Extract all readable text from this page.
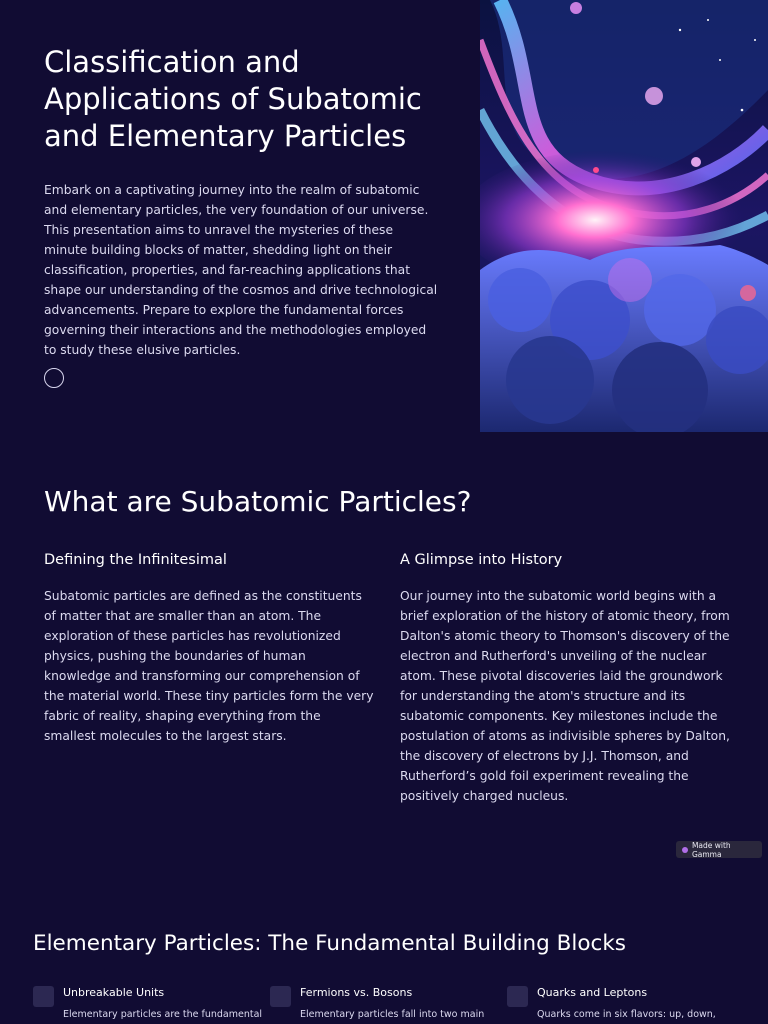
Classification and Applications of Subatomic and Elementary Particles
Embark on a captivating journey into the realm of subatomic and elementary particles, the very foundation of our universe. This presentation aims to unravel the mysteries of these minute building blocks of matter, shedding light on their classification, properties, and far-reaching applications that shape our understanding of the cosmos and drive technological advancements. Prepare to explore the fundamental forces governing their interactions and the methodologies employed to study these elusive particles.
What are Subatomic Particles?
Defining the Infinitesimal

Subatomic particles are defined as the constituents of matter that are smaller than an atom. The exploration of these particles has revolutionized physics, pushing the boundaries of human knowledge and transforming our comprehension of the material world. These tiny particles form the very fabric of reality, shaping everything from the smallest molecules to the largest stars.

A Glimpse into History

Our journey into the subatomic world begins with a brief exploration of the history of atomic theory, from Dalton's atomic theory to Thomson's discovery of the electron and Rutherford's unveiling of the nuclear atom. These pivotal discoveries laid the groundwork for understanding the atom's structure and its subatomic components. Key milestones include the postulation of atoms as indivisible spheres by Dalton, the discovery of electrons by J.J. Thomson, and Rutherford’s gold foil experiment revealing the positively charged nucleus.

Made with Gamma
Elementary Particles: The Fundamental Building Blocks
Unbreakable Units
Elementary particles are the fundamental
Fermions vs. Bosons
Elementary particles fall into two main
Quarks and Leptons
Quarks come in six flavors: up, down,
